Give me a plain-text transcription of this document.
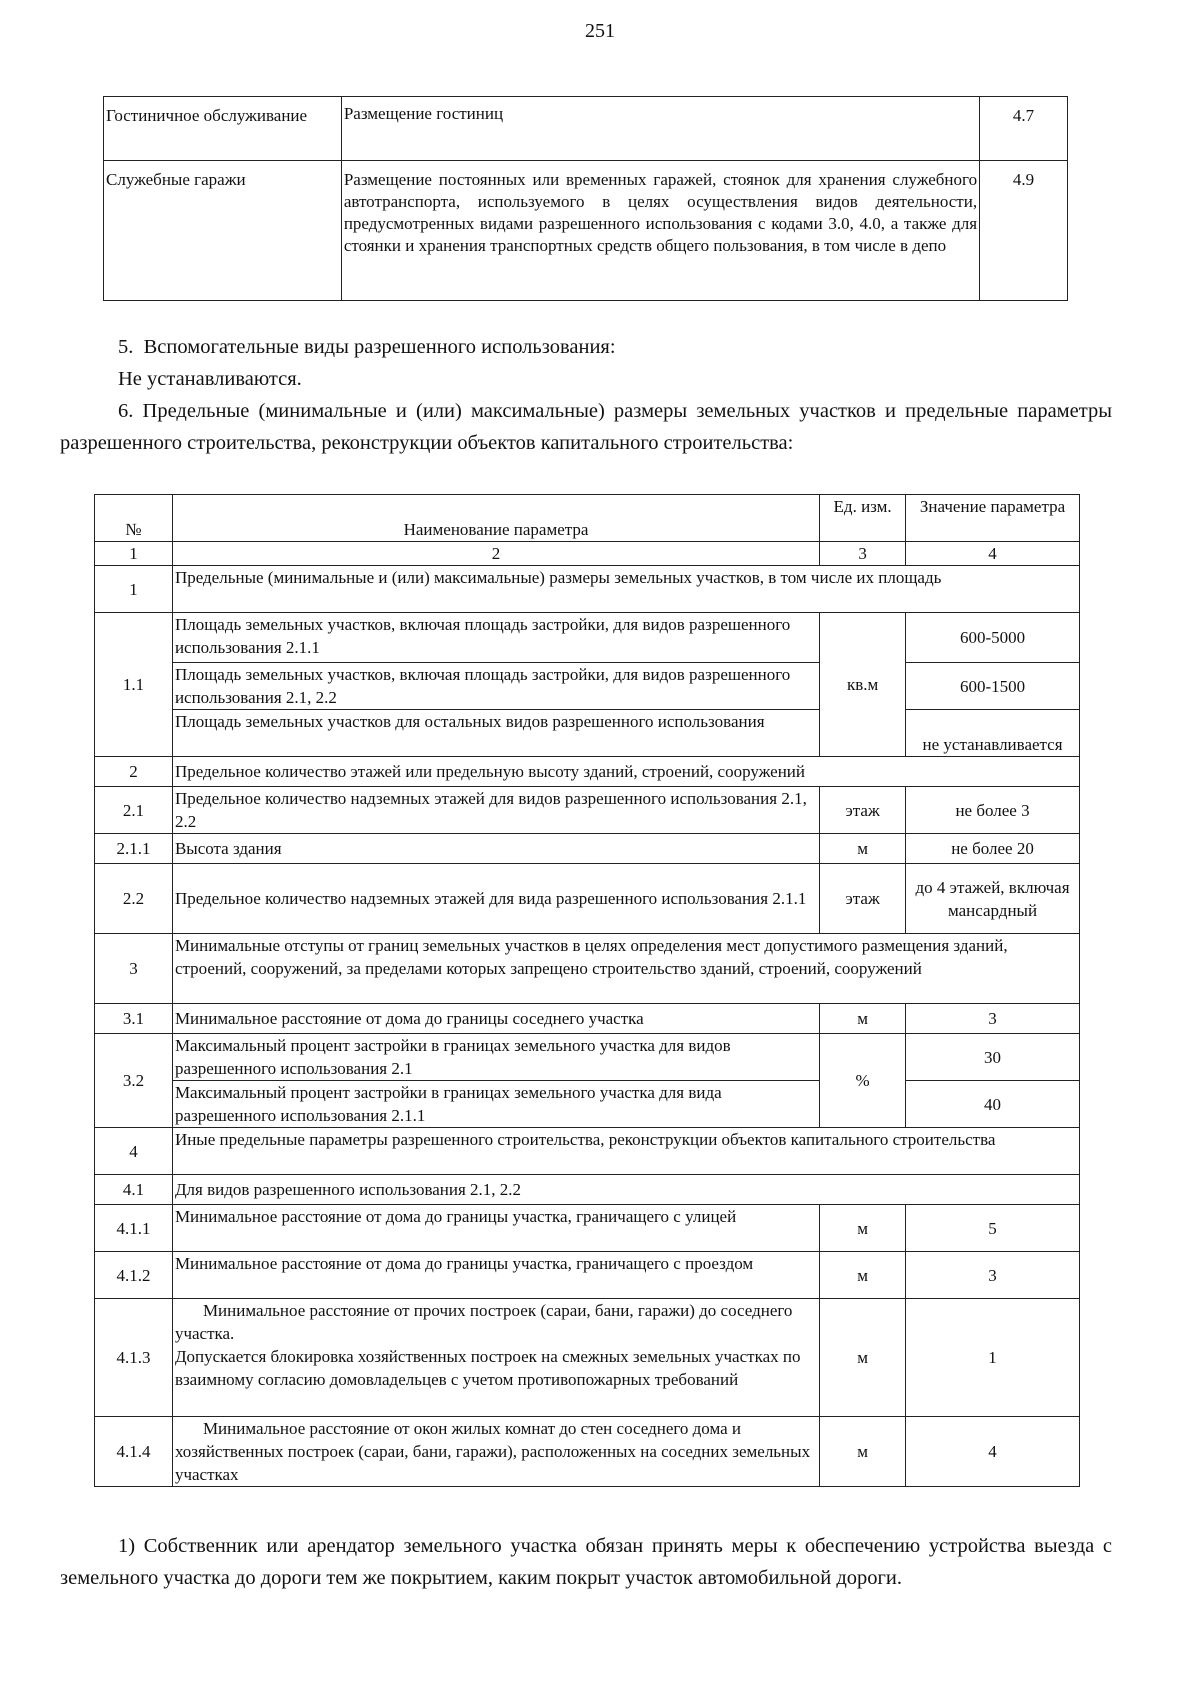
251
Гостиничное обслуживание	Размещение гостиниц	4.7
Служебные гаражи	Размещение постоянных или временных гаражей, стоянок для хранения служебного автотранспорта, используемого в целях осуществления видов деятельности, предусмотренных видами разрешенного использования с кодами 3.0, 4.0, а также для стоянки и хранения транспортных средств общего пользования, в том числе в депо	4.9
5.  Вспомогательные виды разрешенного использования:
Не устанавливаются.
6. Предельные (минимальные и (или) максимальные) размеры земельных участков и предельные параметры разрешенного строительства, реконструкции объектов капитального строительства:
№	Наименование параметра	Ед. изм.	Значение параметра
1	2	3	4
1	Предельные (минимальные и (или) максимальные) размеры земельных участков, в том числе их площадь		
1.1	Площадь земельных участков, включая площадь застройки, для видов разрешенного использования 2.1.1	кв.м	600-5000
	Площадь земельных участков, включая площадь застройки, для видов разрешенного использования 2.1, 2.2		600-1500
	Площадь земельных участков для остальных видов разрешенного использования		не устанавливается
2	Предельное количество этажей или предельную высоту зданий, строений, сооружений		
2.1	Предельное количество надземных этажей для видов разрешенного использования 2.1, 2.2	этаж	не более 3
2.1.1	Высота здания	м	не более 20
2.2	Предельное количество надземных этажей для вида разрешенного использования 2.1.1	этаж	до 4 этажей, включая мансардный
3	Минимальные отступы от границ земельных участков в целях определения мест допустимого размещения зданий, строений, сооружений, за пределами которых запрещено строительство зданий, строений, сооружений		
3.1	Минимальное расстояние от дома до границы соседнего участка	м	3
3.2	Максимальный процент застройки в границах земельного участка для видов разрешенного использования 2.1	%	30
	Максимальный процент застройки в границах земельного участка для вида разрешенного использования 2.1.1		40
4	Иные предельные параметры разрешенного строительства, реконструкции объектов капитального строительства		
4.1	Для видов разрешенного использования 2.1, 2.2		
4.1.1	Минимальное расстояние от дома до границы участка, граничащего с улицей	м	5
4.1.2	Минимальное расстояние от дома до границы участка, граничащего с проездом	м	3
4.1.3	Минимальное расстояние от прочих построек (сараи, бани, гаражи) до соседнего участка.
Допускается блокировка хозяйственных построек на смежных земельных участках по взаимному согласию домовладельцев с учетом противопожарных требований	м	1
4.1.4	Минимальное расстояние от окон жилых комнат до стен соседнего дома и хозяйственных построек (сараи, бани, гаражи), расположенных на соседних земельных участках	м	4
1) Собственник или арендатор земельного участка обязан принять меры к обеспечению устройства выезда с земельного участка до дороги тем же покрытием, каким покрыт участок автомобильной дороги.
